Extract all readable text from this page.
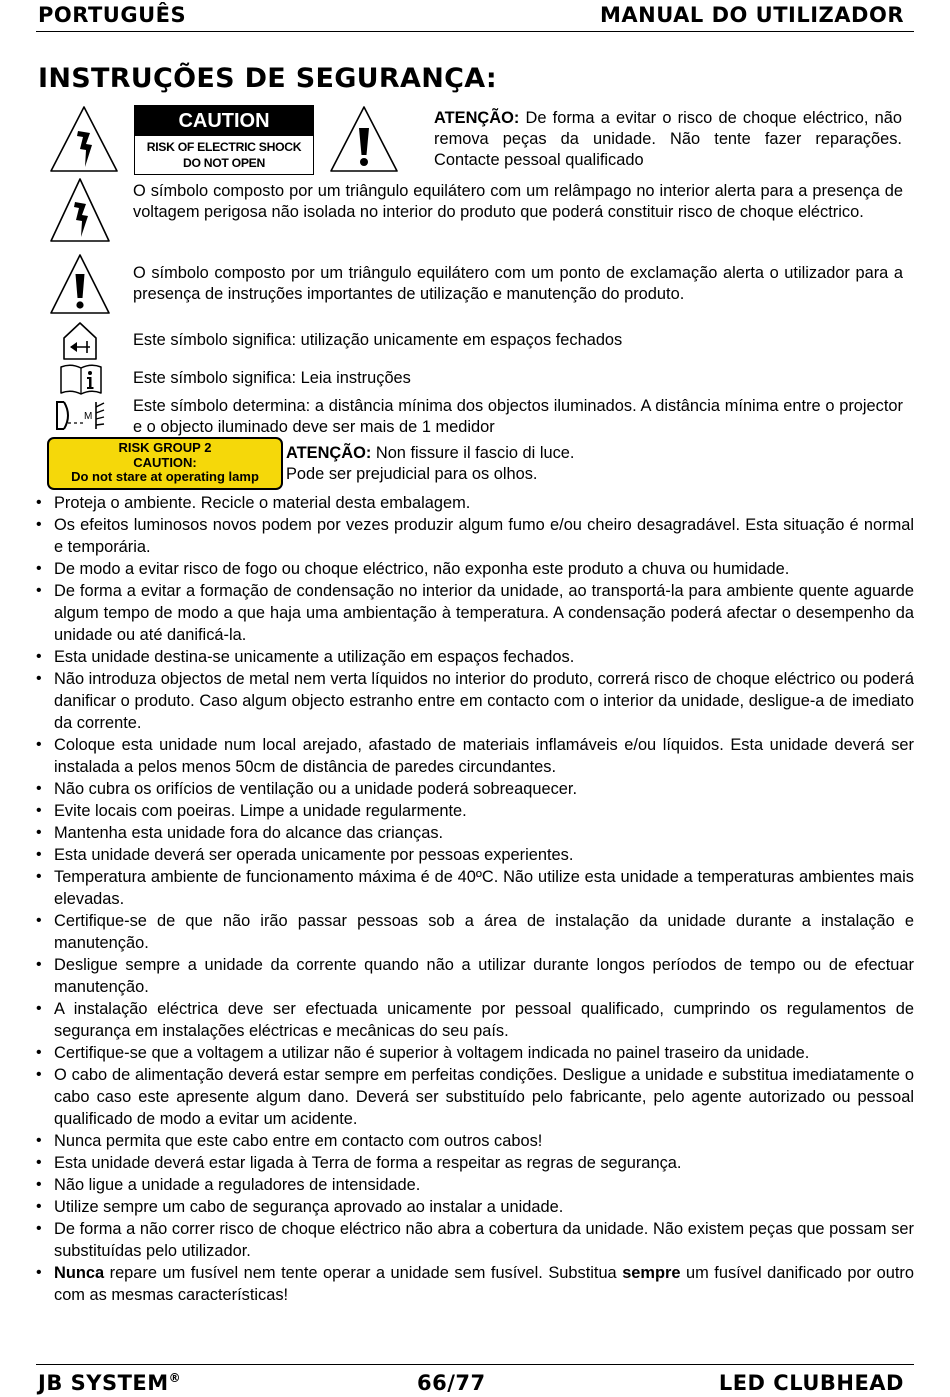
PORTUGUÊS	MANUAL DO UTILIZADOR
INSTRUÇÕES DE SEGURANÇA:
CAUTION
RISK OF ELECTRIC SHOCK
DO NOT OPEN
ATENÇÃO: De forma a evitar o risco de choque eléctrico, não remova peças da unidade. Não tente fazer reparações. Contacte pessoal qualificado
O símbolo composto por um triângulo equilátero com um relâmpago no interior alerta para a presença de voltagem perigosa não isolada no interior do produto que poderá constituir risco de choque eléctrico.
O símbolo composto por um triângulo equilátero com um ponto de exclamação alerta o utilizador para a presença de instruções importantes de utilização e manutenção do produto.
Este símbolo significa: utilização unicamente em espaços fechados
Este símbolo significa: Leia instruções
M
Este símbolo determina: a distância mínima dos objectos iluminados. A distância mínima entre o projector e o objecto iluminado deve ser mais de 1 medidor
RISK GROUP 2
CAUTION:
Do not stare at operating lamp
ATENÇÃO: Non fissure il fascio di luce.
Pode ser prejudicial para os olhos.
• Proteja o ambiente. Recicle o material desta embalagem.
• Os efeitos luminosos novos podem por vezes produzir algum fumo e/ou cheiro desagradável. Esta situação é normal e temporária.
• De modo a evitar risco de fogo ou choque eléctrico, não exponha este produto a chuva ou humidade.
• De forma a evitar a formação de condensação no interior da unidade, ao transportá-la para ambiente quente aguarde algum tempo de modo a que haja uma ambientação à temperatura. A condensação poderá afectar o desempenho da unidade ou até danificá-la.
• Esta unidade destina-se unicamente a utilização em espaços fechados.
• Não introduza objectos de metal nem verta líquidos no interior do produto, correrá risco de choque eléctrico ou poderá danificar o produto. Caso algum objecto estranho entre em contacto com o interior da unidade, desligue-a de imediato da corrente.
• Coloque esta unidade num local arejado, afastado de materiais inflamáveis e/ou líquidos. Esta unidade deverá ser instalada a pelos menos 50cm de distância de paredes circundantes.
• Não cubra os orifícios de ventilação ou a unidade poderá sobreaquecer.
• Evite locais com poeiras. Limpe a unidade regularmente.
• Mantenha esta unidade fora do alcance das crianças.
• Esta unidade deverá ser operada unicamente por pessoas experientes.
• Temperatura ambiente de funcionamento máxima é de 40ºC. Não utilize esta unidade a temperaturas ambientes mais elevadas.
• Certifique-se de que não irão passar pessoas sob a área de instalação da unidade durante a instalação e manutenção.
• Desligue sempre a unidade da corrente quando não a utilizar durante longos períodos de tempo ou de efectuar manutenção.
• A instalação eléctrica deve ser efectuada unicamente por pessoal qualificado, cumprindo os regulamentos de segurança em instalações eléctricas e mecânicas do seu país.
• Certifique-se que a voltagem a utilizar não é superior à voltagem indicada no painel traseiro da unidade.
• O cabo de alimentação deverá estar sempre em perfeitas condições. Desligue a unidade e substitua imediatamente o cabo caso este apresente algum dano. Deverá ser substituído pelo fabricante, pelo agente autorizado ou pessoal qualificado de modo a evitar um acidente.
• Nunca permita que este cabo entre em contacto com outros cabos!
• Esta unidade deverá estar ligada à Terra de forma a respeitar as regras de segurança.
• Não ligue a unidade a reguladores de intensidade.
• Utilize sempre um cabo de segurança aprovado ao instalar a unidade.
• De forma a não correr risco de choque eléctrico não abra a cobertura da unidade. Não existem peças que possam ser substituídas pelo utilizador.
• Nunca repare um fusível nem tente operar a unidade sem fusível. Substitua sempre um fusível danificado por outro com as mesmas características!
JB SYSTEM®	66/77	LED CLUBHEAD
